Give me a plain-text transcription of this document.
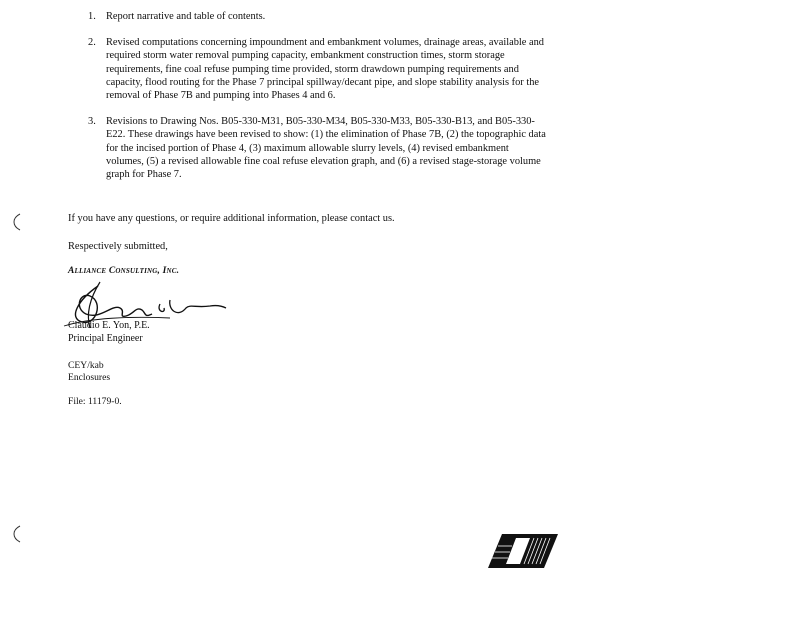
1. Report narrative and table of contents.
2. Revised computations concerning impoundment and embankment volumes, drainage areas, available and required storm water removal pumping capacity, embankment construction times, storm storage requirements, fine coal refuse pumping time provided, storm drawdown pumping requirements and capacity, flood routing for the Phase 7 principal spillway/decant pipe, and slope stability analysis for the removal of Phase 7B and pumping into Phases 4 and 6.
3. Revisions to Drawing Nos. B05-330-M31, B05-330-M34, B05-330-M33, B05-330-B13, and B05-330-E22. These drawings have been revised to show: (1) the elimination of Phase 7B, (2) the topographic data for the incised portion of Phase 4, (3) maximum allowable slurry levels, (4) revised embankment volumes, (5) a revised allowable fine coal refuse elevation graph, and (6) a revised stage-storage volume graph for Phase 7.

If you have any questions, or require additional information, please contact us.

Respectively submitted,

Alliance Consulting, Inc.

Claudio E. Yon, P.E.

Principal Engineer

CEY/kab

Enclosures

File: 11179-0.
